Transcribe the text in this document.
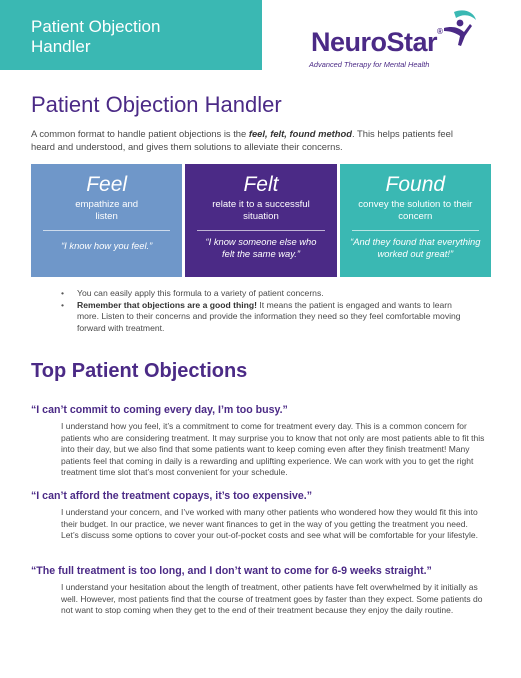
Patient Objection
Handler	NeuroStar®
Advanced Therapy for Mental Health
Patient Objection Handler

A common format to handle patient objections is the feel, felt, found method. This helps patients feel heard and understood, and gives them solutions to alleviate their concerns.

Feel
empathize and listen
“I know how you feel.”
Felt
relate it to a successful situation
“I know someone else who felt the same way.”
Found
convey the solution to their concern
“And they found that everything worked out great!”
• You can easily apply this formula to a variety of patient concerns.
• Remember that objections are a good thing! It means the patient is engaged and wants to learn more. Listen to their concerns and provide the information they need so they feel comfortable moving forward with treatment.
Top Patient Objections
“I can’t commit to coming every day, I’m too busy.”

I understand how you feel, it’s a commitment to come for treatment every day. This is a common concern for patients who are considering treatment. It may surprise you to know that not only are most patients able to fit this into their day, but we also find that some patients want to keep coming even after they finish treatment! Many patients feel that coming in daily is a rewarding and uplifting experience. We can work with you to get the right treatment time slot that’s most convenient for your schedule.

“I can’t afford the treatment copays, it’s too expensive.”

I understand your concern, and I’ve worked with many other patients who wondered how they would fit this into their budget. In our practice, we never want finances to get in the way of you getting the treatment you need. Let’s discuss some options to cover your out-of-pocket costs and see what will be comfortable for your lifestyle.

“The full treatment is too long, and I don’t want to come for 6-9 weeks straight.”

I understand your hesitation about the length of treatment, other patients have felt overwhelmed by it initially as well. However, most patients find that the course of treatment goes by faster than they expect. Some patients do not want to stop coming when they get to the end of their treatment because they enjoy the daily routine.
